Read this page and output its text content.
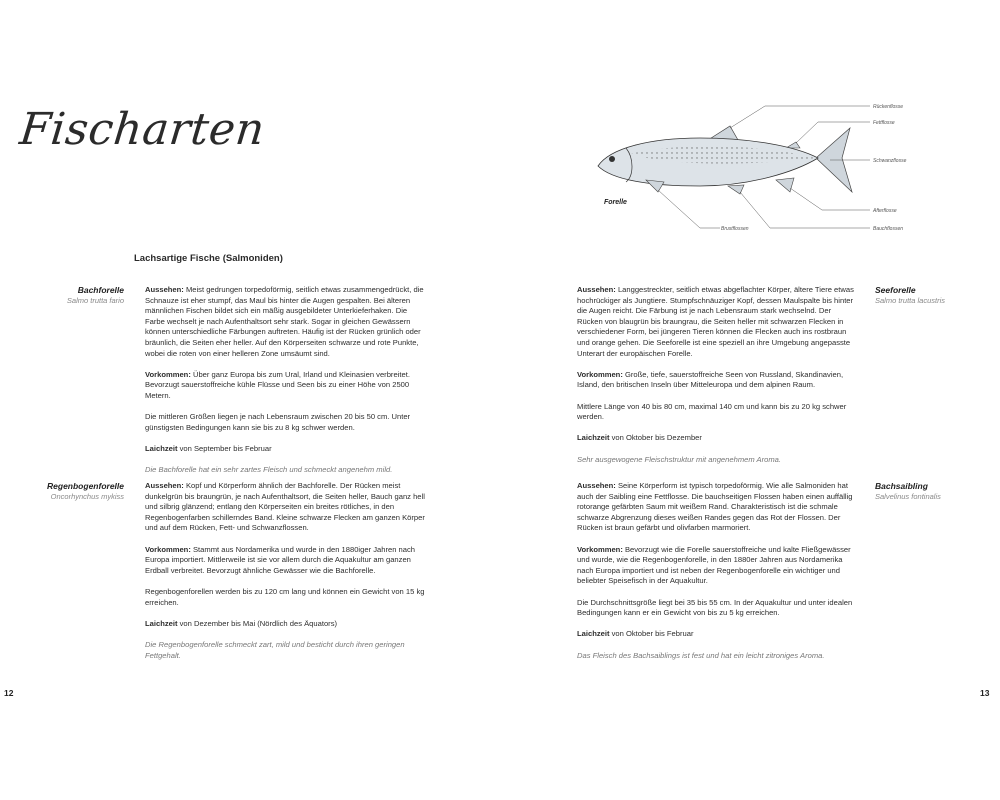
Fischarten	Rückenflosse
Fettflosse
Schwanzflosse
Afterflosse
Bauchflossen
Brustflossen
Forelle
Lachsartige Fische (Salmoniden)
Bachforelle
Salmo trutta fario

Aussehen: Meist gedrungen torpedoförmig, seitlich etwas zusammengedrückt, die Schnauze ist eher stumpf, das Maul bis hinter die Augen gespalten. Bei älteren männlichen Fischen bildet sich ein mäßig ausgebildeter Unterkieferhaken. Die Farbe wechselt je nach Aufenthaltsort sehr stark. Sogar in gleichen Gewässern können unterschiedliche Färbungen auftreten. Häufig ist der Rücken grünlich oder bräunlich, die Seiten eher heller. Auf den Körperseiten schwarze und rote Punkte, wobei die roten von einer helleren Zone umsäumt sind.

Vorkommen: Über ganz Europa bis zum Ural, Irland und Kleinasien verbreitet. Bevorzugt sauerstoffreiche kühle Flüsse und Seen bis zu einer Höhe von 2500 Metern.

Die mittleren Größen liegen je nach Lebensraum zwischen 20 bis 50 cm. Unter günstigsten Bedingungen kann sie bis zu 8 kg schwer werden.

Laichzeit von September bis Februar

Die Bachforelle hat ein sehr zartes Fleisch und schmeckt angenehm mild.

Regenbogenforelle
Oncorhynchus mykiss

Aussehen: Kopf und Körperform ähnlich der Bachforelle. Der Rücken meist dunkelgrün bis braungrün, je nach Aufenthaltsort, die Seiten heller, Bauch ganz hell und silbrig glänzend; entlang den Körperseiten ein breites rötliches, in den Regenbogenfarben schillerndes Band. Kleine schwarze Flecken am ganzen Körper und auf dem Rücken, Fett- und Schwanzflossen.

Vorkommen: Stammt aus Nordamerika und wurde in den 1880iger Jahren nach Europa importiert. Mittlerweile ist sie vor allem durch die Aquakultur am ganzen Erdball verbreitet. Bevorzugt ähnliche Gewässer wie die Bachforelle.

Regenbogenforellen werden bis zu 120 cm lang und können ein Gewicht von 15 kg erreichen.

Laichzeit von Dezember bis Mai (Nördlich des Äquators)

Die Regenbogenforelle schmeckt zart, mild und besticht durch ihren geringen Fettgehalt.

Aussehen: Langgestreckter, seitlich etwas abgeflachter Körper, ältere Tiere etwas hochrückiger als Jungtiere. Stumpfschnäuziger Kopf, dessen Maulspalte bis hinter die Augen reicht. Die Färbung ist je nach Lebensraum stark wechselnd. Der Rücken von blaugrün bis braungrau, die Seiten heller mit schwarzen Flecken in verschiedener Form, bei jüngeren Tieren können die Flecken auch ins rostbraun und orange gehen. Die Seeforelle ist eine speziell an ihre Umgebung angepasste Unterart der europäischen Forelle.

Vorkommen: Große, tiefe, sauerstoffreiche Seen von Russland, Skandinavien, Island, den britischen Inseln über Mitteleuropa und dem alpinen Raum.

Mittlere Länge von 40 bis 80 cm, maximal 140 cm und kann bis zu 20 kg schwer werden.

Laichzeit von Oktober bis Dezember

Sehr ausgewogene Fleischstruktur mit angenehmem Aroma.

Seeforelle
Salmo trutta lacustris

Aussehen: Seine Körperform ist typisch torpedoförmig. Wie alle Salmoniden hat auch der Saibling eine Fettflosse. Die bauchseitigen Flossen haben einen auffällig rotorange gefärbten Saum mit weißem Rand. Charakteristisch ist die schmale schwarze Abgrenzung dieses weißen Randes gegen das Rot der Flossen. Der Rücken ist braun gefärbt und olivfarben marmoriert.

Vorkommen: Bevorzugt wie die Forelle sauerstoffreiche und kalte Fließgewässer und wurde, wie die Regenbogenforelle, in den 1880er Jahren aus Nordamerika nach Europa importiert und ist neben der Regenbogenforelle ein wichtiger und beliebter Speisefisch in der Aquakultur.

Die Durchschnittsgröße liegt bei 35 bis 55 cm. In der Aquakultur und unter idealen Bedingungen kann er ein Gewicht von bis zu 5 kg erreichen.

Laichzeit von Oktober bis Februar

Das Fleisch des Bachsaiblings ist fest und hat ein leicht zitroniges Aroma.

Bachsaibling
Salvelinus fontinalis
12	13
